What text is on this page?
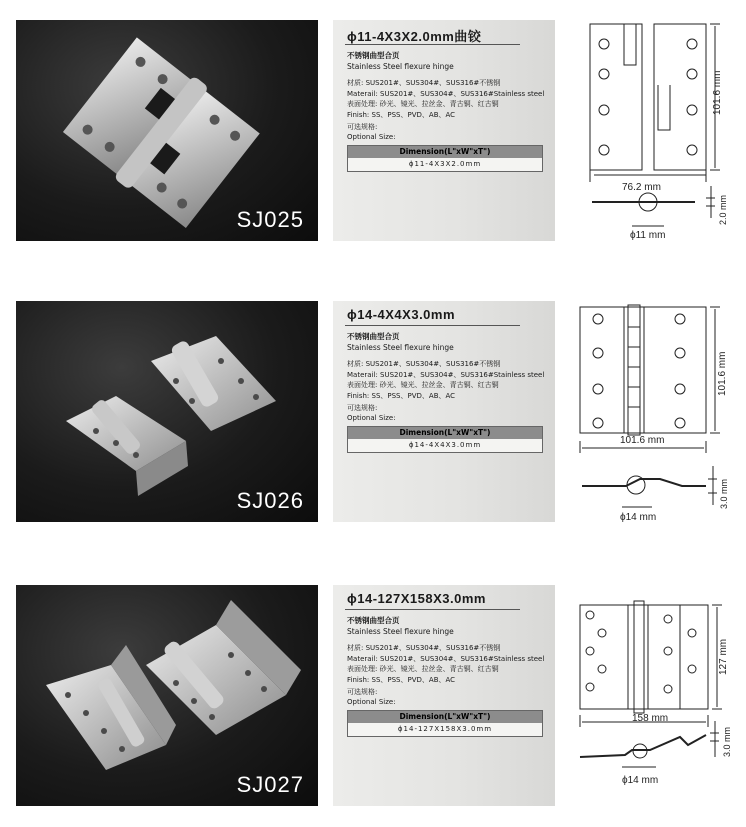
SJ025
ϕ11-4X3X2.0mm曲铰
不锈钢曲型合页
Stainless Steel flexure hinge
材质: SUS201#、SUS304#、SUS316#不锈钢
Materail: SUS201#、SUS304#、SUS316#Stainless steel
表面处理: 砂光、镜光、拉丝金、青古铜、红古铜
Finish: SS、PSS、PVD、AB、AC
可选规格:
Optional Size:
Dimension(L"xW"xT")
ϕ11-4X3X2.0mm
101.6 mm
76.2 mm
2.0 mm
ϕ11 mm
SJ026
ϕ14-4X4X3.0mm
不锈钢曲型合页
Stainless Steel flexure hinge
材质: SUS201#、SUS304#、SUS316#不锈钢
Materail: SUS201#、SUS304#、SUS316#Stainless steel
表面处理: 砂光、镜光、拉丝金、青古铜、红古铜
Finish: SS、PSS、PVD、AB、AC
可选规格:
Optional Size:
Dimension(L"xW"xT")
ϕ14-4X4X3.0mm
101.6 mm
101.6 mm
3.0 mm
ϕ14 mm
SJ027
ϕ14-127X158X3.0mm
不锈钢曲型合页
Stainless Steel flexure hinge
材质: SUS201#、SUS304#、SUS316#不锈钢
Materail: SUS201#、SUS304#、SUS316#Stainless steel
表面处理: 砂光、镜光、拉丝金、青古铜、红古铜
Finish: SS、PSS、PVD、AB、AC
可选规格:
Optional Size:
Dimension(L"xW"xT")
ϕ14-127X158X3.0mm
127 mm
158 mm
3.0 mm
ϕ14 mm
